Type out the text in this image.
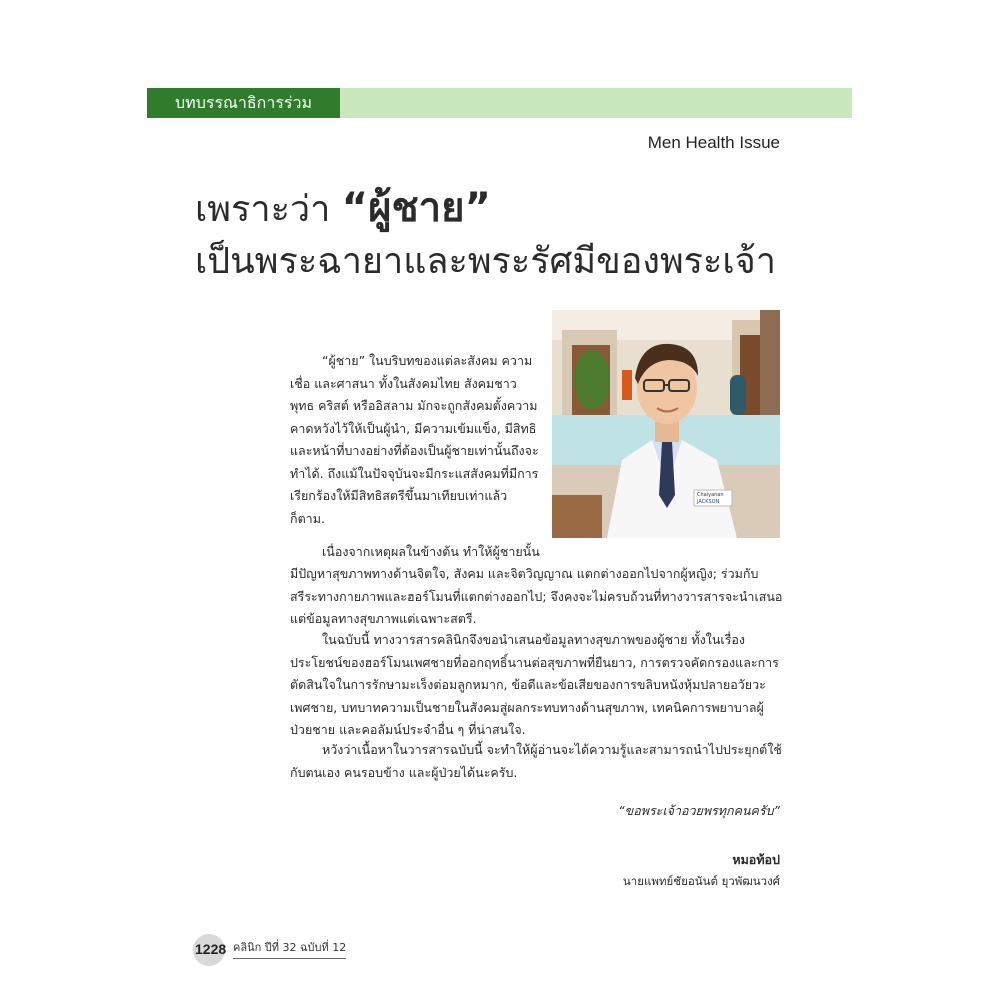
บทบรรณาธิการร่วม
Men Health Issue
เพราะว่า “ผู้ชาย”
เป็นพระฉายาและพระรัศมีของพระเจ้า
Chaiyanan
JACKSON
“ผู้ชาย” ในบริบทของแต่ละสังคม ความเชื่อ และศาสนา ทั้งในสังคมไทย สังคมชาวพุทธ คริสต์ หรืออิสลาม มักจะถูกสังคมตั้งความคาดหวังไว้ให้เป็นผู้นำ, มีความเข้มแข็ง, มีสิทธิและหน้าที่บางอย่างที่ต้องเป็นผู้ชายเท่านั้นถึงจะทำได้. ถึงแม้ในปัจจุบันจะมีกระแสสังคมที่มีการเรียกร้องให้มีสิทธิสตรีขึ้นมาเทียบเท่าแล้วก็ตาม.
เนื่องจากเหตุผลในข้างต้น ทำให้ผู้ชายนั้น
มีปัญหาสุขภาพทางด้านจิตใจ, สังคม และจิตวิญญาณ แตกต่างออกไปจากผู้หญิง; ร่วมกับสรีระทางกายภาพและฮอร์โมนที่แตกต่างออกไป; จึงคงจะไม่ครบถ้วนที่ทางวารสารจะนำเสนอแต่ข้อมูลทางสุขภาพแต่เฉพาะสตรี.
ในฉบับนี้ ทางวารสารคลินิกจึงขอนำเสนอข้อมูลทางสุขภาพของผู้ชาย ทั้งในเรื่องประโยชน์ของฮอร์โมนเพศชายที่ออกฤทธิ์นานต่อสุขภาพที่ยืนยาว, การตรวจคัดกรองและการตัดสินใจในการรักษามะเร็งต่อมลูกหมาก, ข้อดีและข้อเสียของการขลิบหนังหุ้มปลายอวัยวะเพศชาย, บทบาทความเป็นชายในสังคมสู่ผลกระทบทางด้านสุขภาพ, เทคนิคการพยาบาลผู้ป่วยชาย และคอลัมน์ประจำอื่น ๆ ที่น่าสนใจ.
หวังว่าเนื้อหาในวารสารฉบับนี้ จะทำให้ผู้อ่านจะได้ความรู้และสามารถนำไปประยุกต์ใช้กับตนเอง คนรอบข้าง และผู้ป่วยได้นะครับ.
“ขอพระเจ้าอวยพรทุกคนครับ”
หมอท้อป
นายแพทย์ชัยอนันต์ ยุวพัฒนวงศ์
1228 คลินิก ปีที่ 32 ฉบับที่ 12
